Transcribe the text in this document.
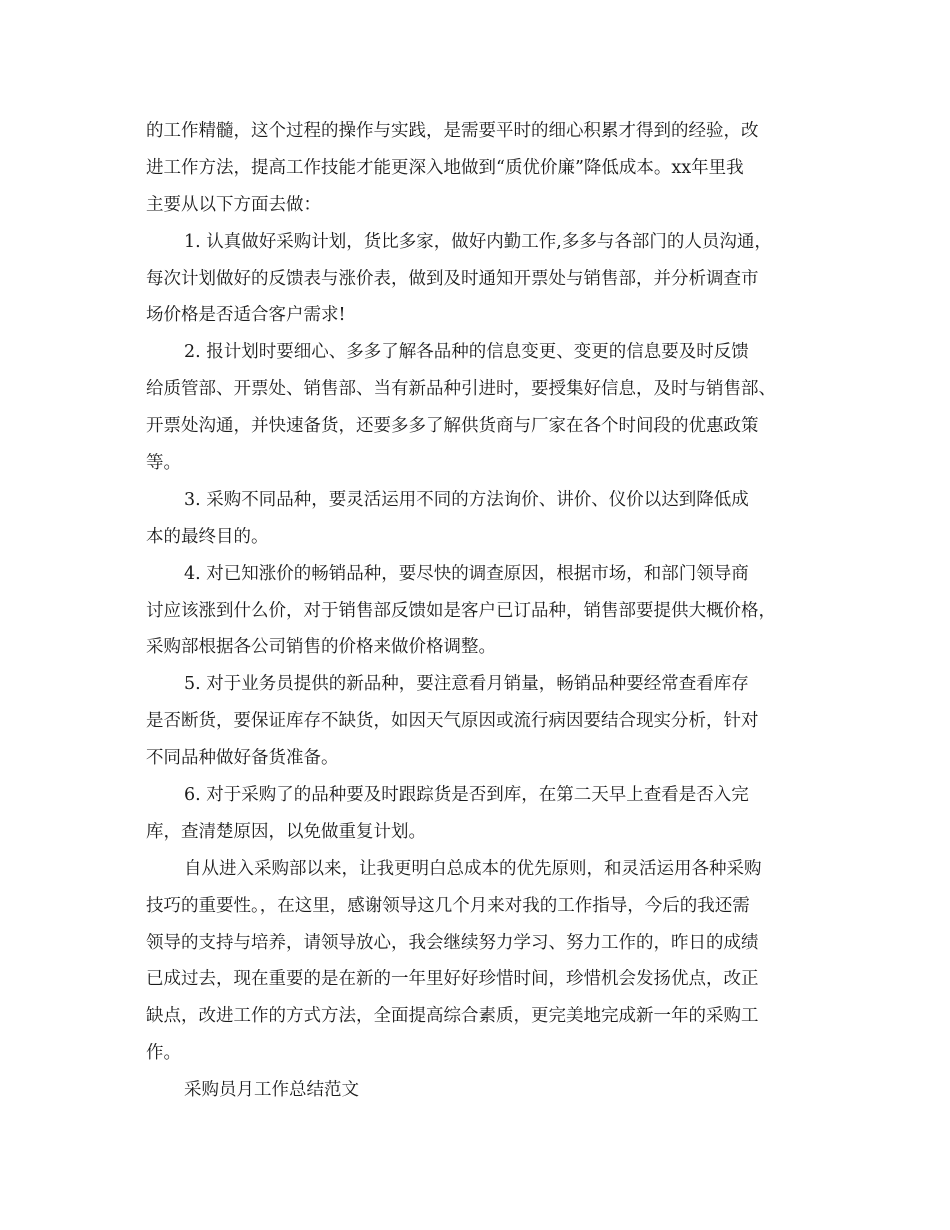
的工作精髓，这个过程的操作与实践，是需要平时的细心积累才得到的经验，改
进工作方法，提高工作技能才能更深入地做到“质优价廉”降低成本。xx年里我
主要从以下方面去做：
1. 认真做好采购计划，货比多家，做好内勤工作,多多与各部门的人员沟通，
每次计划做好的反馈表与涨价表，做到及时通知开票处与销售部，并分析调查市
场价格是否适合客户需求!
2. 报计划时要细心、多多了解各品种的信息变更、变更的信息要及时反馈
给质管部、开票处、销售部、当有新品种引进时，要授集好信息，及时与销售部、
开票处沟通，并快速备货，还要多多了解供货商与厂家在各个时间段的优惠政策
等。
3. 采购不同品种，要灵活运用不同的方法询价、讲价、仪价以达到降低成
本的最终目的。
4. 对已知涨价的畅销品种，要尽快的调查原因，根据市场，和部门领导商
讨应该涨到什么价，对于销售部反馈如是客户已订品种，销售部要提供大概价格，
采购部根据各公司销售的价格来做价格调整。
5. 对于业务员提供的新品种，要注意看月销量，畅销品种要经常查看库存
是否断货，要保证库存不缺货，如因天气原因或流行病因要结合现实分析，针对
不同品种做好备货准备。
6. 对于采购了的品种要及时跟踪货是否到库，在第二天早上查看是否入完
库，查清楚原因，以免做重复计划。
自从进入采购部以来，让我更明白总成本的优先原则，和灵活运用各种采购
技巧的重要性。，在这里，感谢领导这几个月来对我的工作指导，今后的我还需
领导的支持与培养，请领导放心，我会继续努力学习、努力工作的，昨日的成绩
已成过去，现在重要的是在新的一年里好好珍惜时间，珍惜机会发扬优点，改正
缺点，改进工作的方式方法，全面提高综合素质，更完美地完成新一年的采购工
作。
采购员月工作总结范文
